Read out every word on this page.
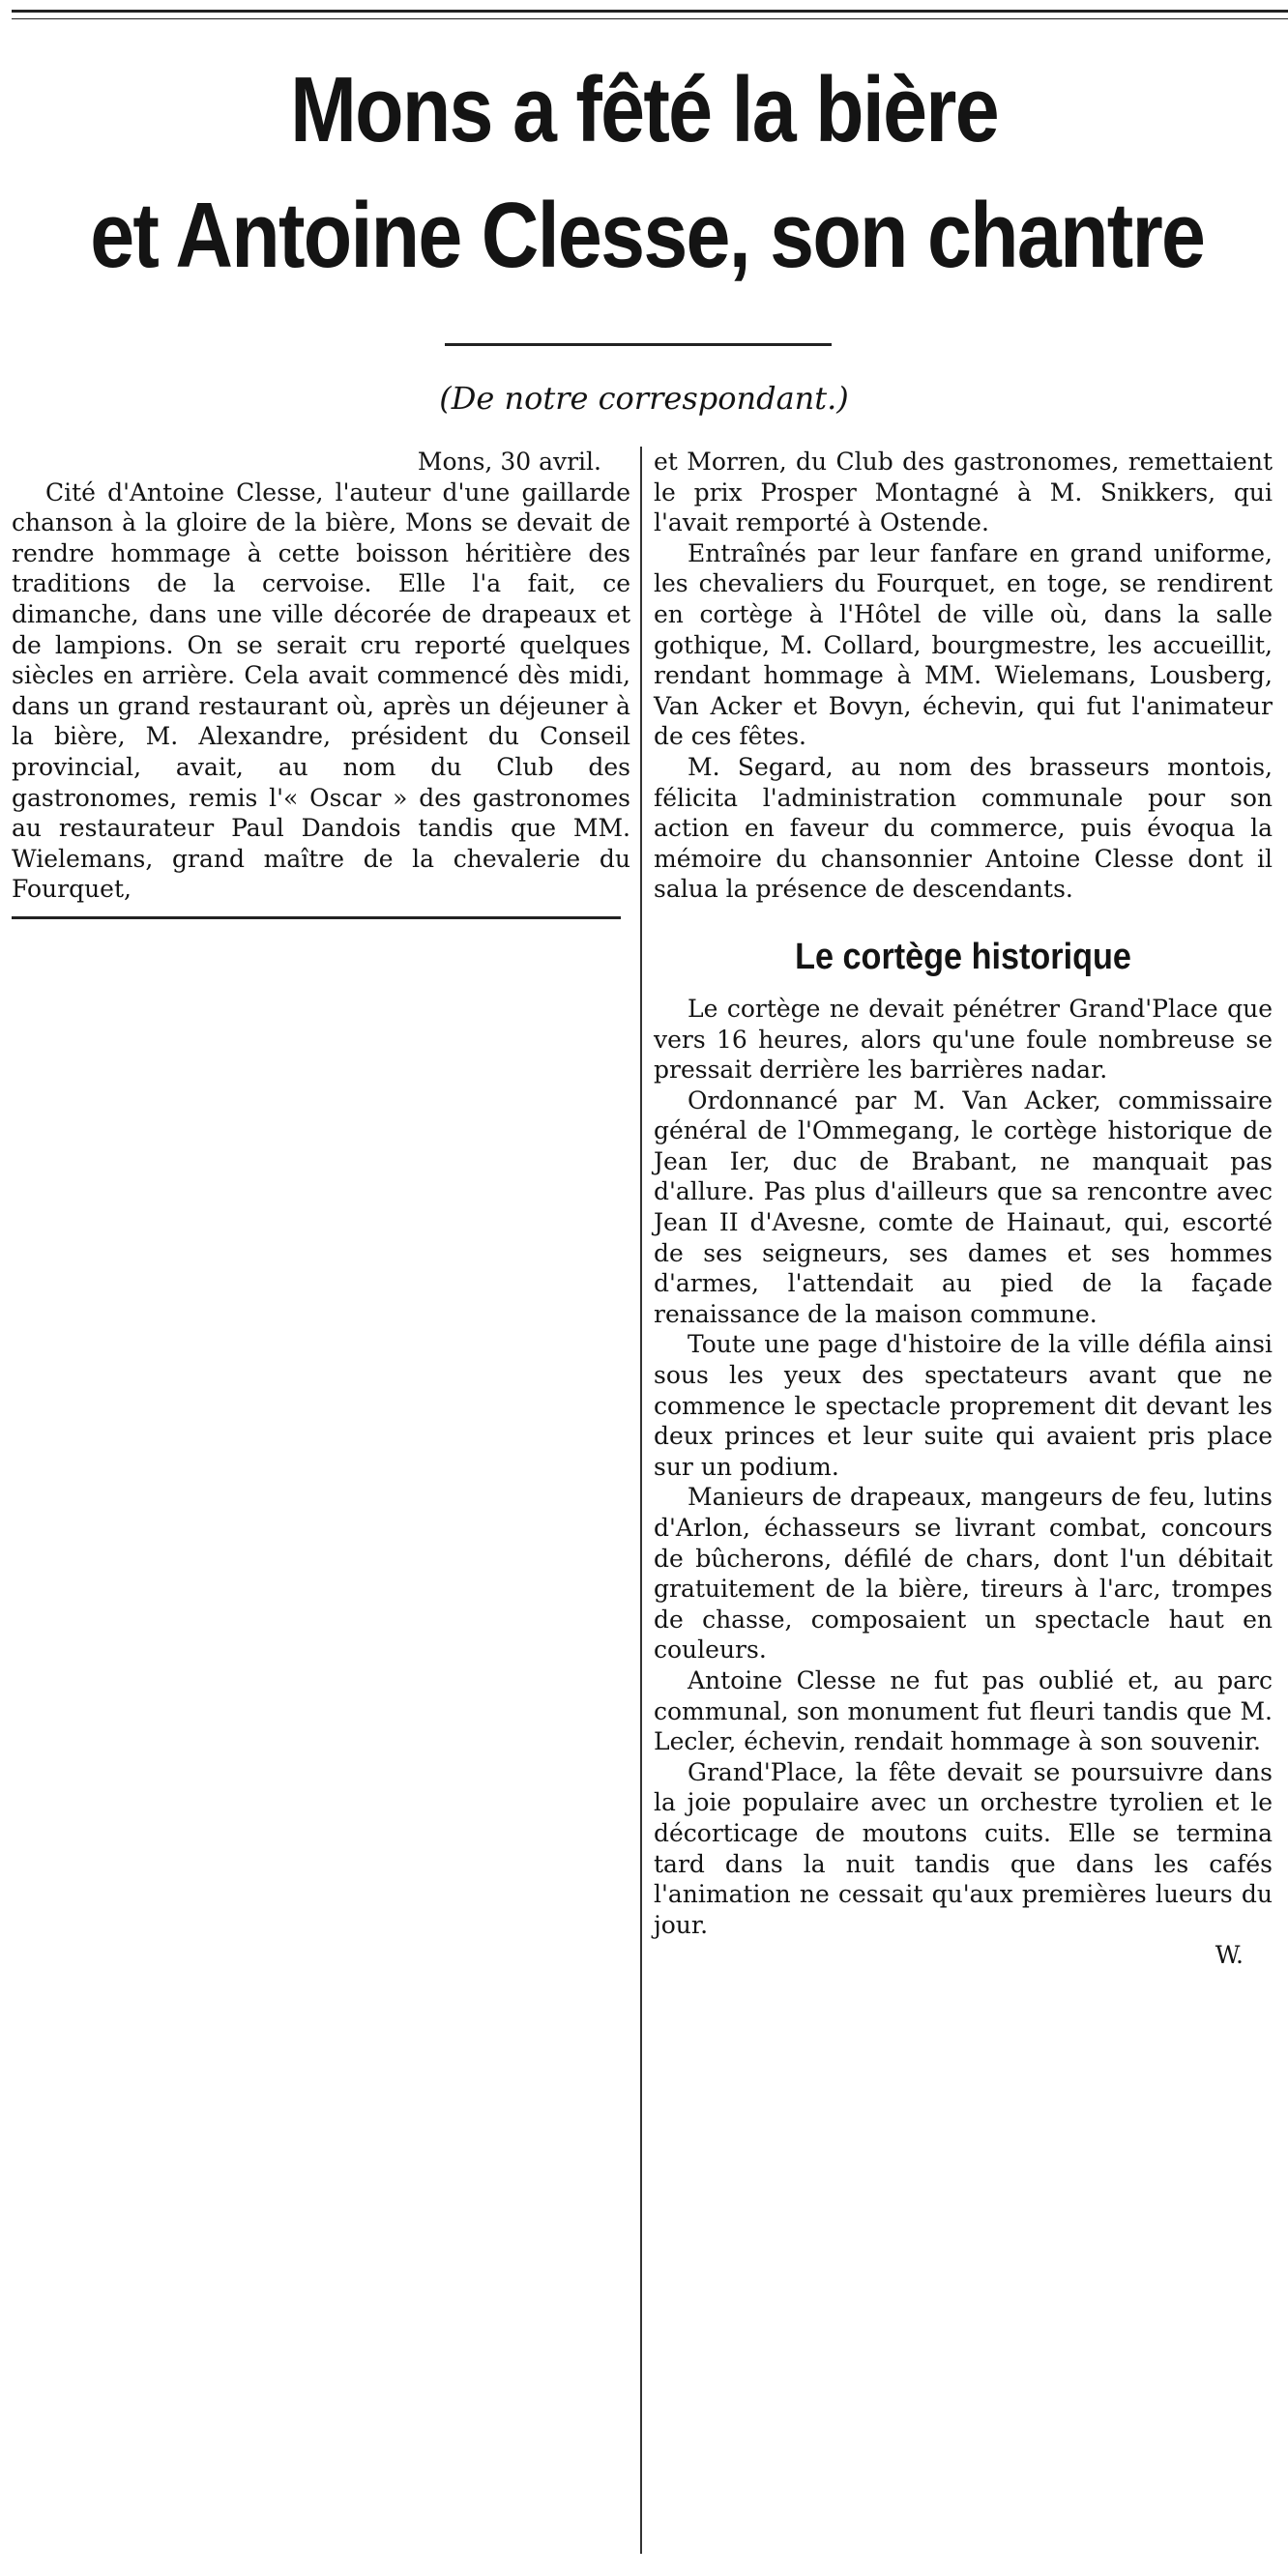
Mons a fêté la bière
et Antoine Clesse, son chantre

(De notre correspondant.)

Mons, 30 avril.

Cité d'Antoine Clesse, l'auteur d'une gaillarde chanson à la gloire de la bière, Mons se devait de rendre hommage à cette boisson héritière des traditions de la cervoise. Elle l'a fait, ce dimanche, dans une ville décorée de drapeaux et de lampions. On se serait cru reporté quelques siècles en arrière. Cela avait commencé dès midi, dans un grand restaurant où, après un déjeuner à la bière, M. Alexandre, président du Conseil provincial, avait, au nom du Club des gastronomes, remis l'« Oscar » des gastronomes au restaurateur Paul Dandois tandis que MM. Wielemans, grand maître de la chevalerie du Fourquet,

et Morren, du Club des gastronomes, remettaient le prix Prosper Montagné à M. Snikkers, qui l'avait remporté à Ostende.

Entraînés par leur fanfare en grand uniforme, les chevaliers du Fourquet, en toge, se rendirent en cortège à l'Hôtel de ville où, dans la salle gothique, M. Collard, bourgmestre, les accueillit, rendant hommage à MM. Wielemans, Lousberg, Van Acker et Bovyn, échevin, qui fut l'animateur de ces fêtes.

M. Segard, au nom des brasseurs montois, félicita l'administration communale pour son action en faveur du commerce, puis évoqua la mémoire du chansonnier Antoine Clesse dont il salua la présence de descendants.

Le cortège historique

Le cortège ne devait pénétrer Grand'Place que vers 16 heures, alors qu'une foule nombreuse se pressait derrière les barrières nadar.

Ordonnancé par M. Van Acker, commissaire général de l'Ommegang, le cortège historique de Jean Ier, duc de Brabant, ne manquait pas d'allure. Pas plus d'ailleurs que sa rencontre avec Jean II d'Avesne, comte de Hainaut, qui, escorté de ses seigneurs, ses dames et ses hommes d'armes, l'attendait au pied de la façade renaissance de la maison commune.

Toute une page d'histoire de la ville défila ainsi sous les yeux des spectateurs avant que ne commence le spectacle proprement dit devant les deux princes et leur suite qui avaient pris place sur un podium.

Manieurs de drapeaux, mangeurs de feu, lutins d'Arlon, échasseurs se livrant combat, concours de bûcherons, défilé de chars, dont l'un débitait gratuitement de la bière, tireurs à l'arc, trompes de chasse, composaient un spectacle haut en couleurs.

Antoine Clesse ne fut pas oublié et, au parc communal, son monument fut fleuri tandis que M. Lecler, échevin, rendait hommage à son souvenir.

Grand'Place, la fête devait se poursuivre dans la joie populaire avec un orchestre tyrolien et le décorticage de moutons cuits. Elle se termina tard dans la nuit tandis que dans les cafés l'animation ne cessait qu'aux premières lueurs du jour.

W.
